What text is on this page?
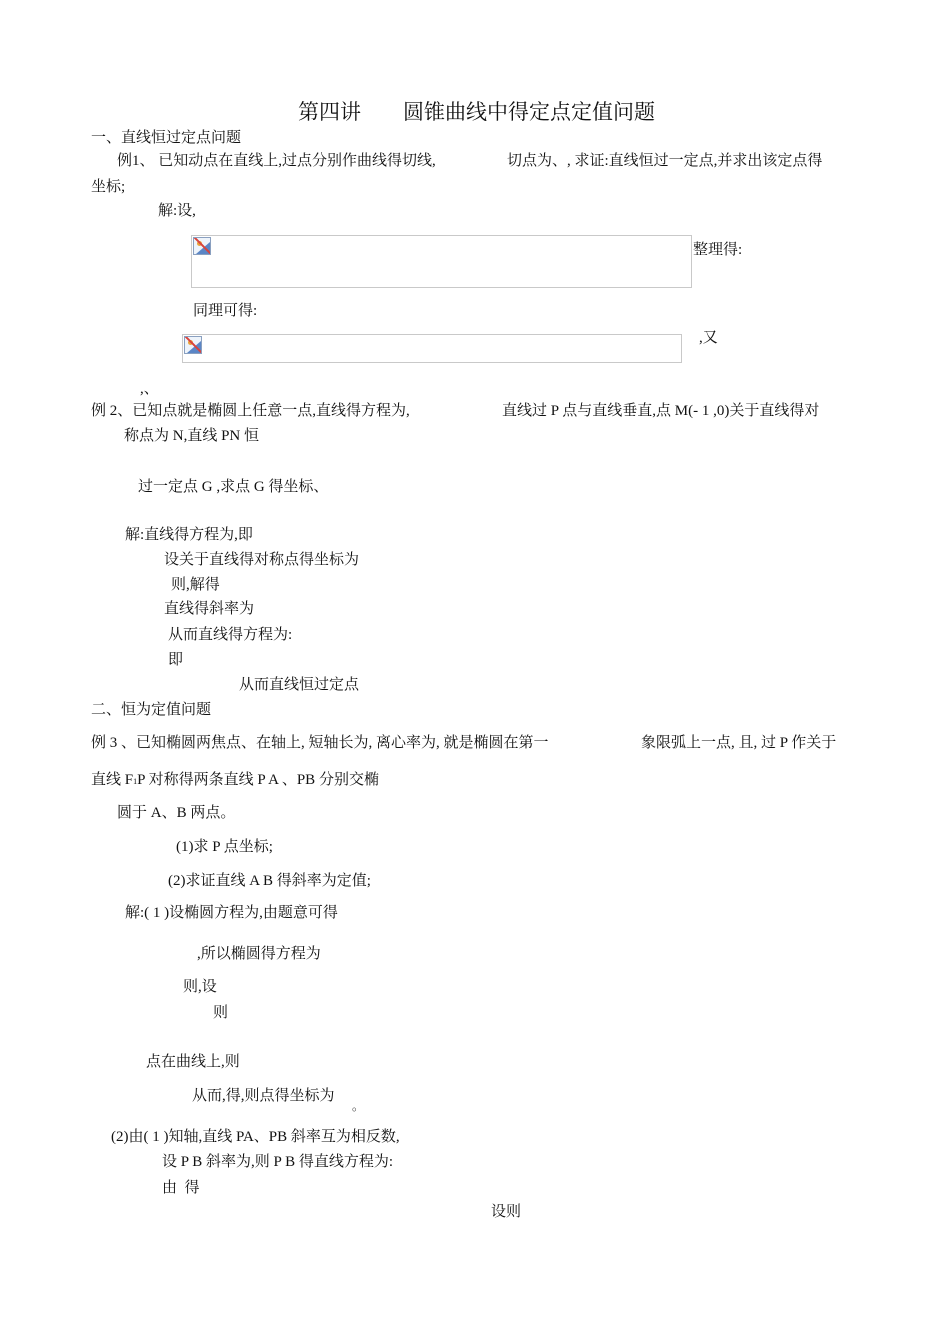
第四讲　　圆锥曲线中得定点定值问题
一、直线恒过定点问题
例1、 已知动点在直线上,过点分别作曲线得切线,	切点为、, 求证:直线恒过一定点,并求出该定点得
坐标;
解:设,
整理得:
同理可得:
,又
,、
例 2、已知点就是椭圆上任意一点,直线得方程为,	直线过 P 点与直线垂直,点 M(- 1 ,0)关于直线得对
称点为 N,直线 PN 恒
过一定点 G ,求点 G 得坐标、
解:直线得方程为,即
设关于直线得对称点得坐标为
则,解得
直线得斜率为
从而直线得方程为:
即
从而直线恒过定点
二、恒为定值问题
例 3 、已知椭圆两焦点、在轴上, 短轴长为, 离心率为, 就是椭圆在第一	象限弧上一点, 且, 过 P 作关于
直线 F1P 对称得两条直线 P A 、PB 分别交椭
圆于 A、B 两点。
(1)求 P 点坐标;
(2)求证直线 A B 得斜率为定值;
解:( 1 )设椭圆方程为,由题意可得
,所以椭圆得方程为
则,设
则
点在曲线上,则
从而,得,则点得坐标为
。
(2)由( 1 )知轴,直线 PA、PB 斜率互为相反数,
设 P B 斜率为,则 P B 得直线方程为:
由  得
设则
